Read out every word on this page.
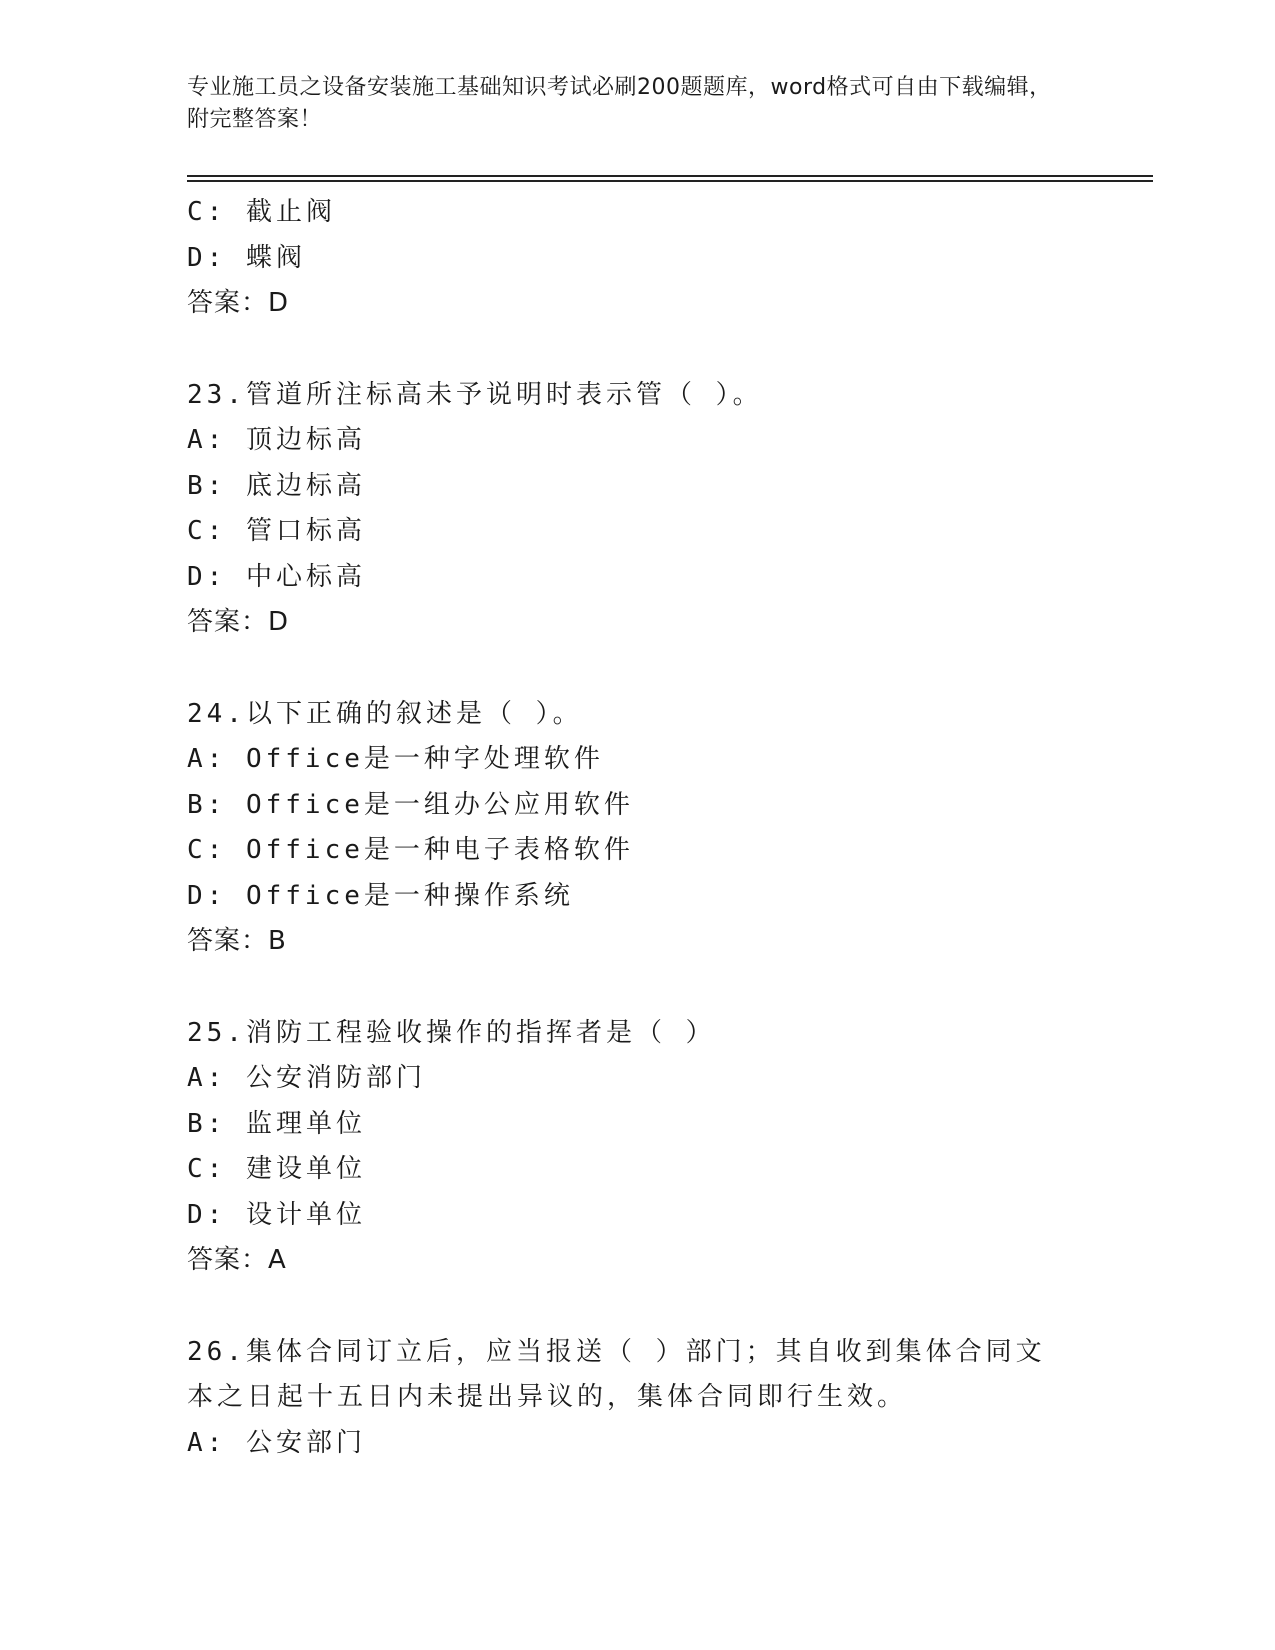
专业施工员之设备安装施工基础知识考试必刷200题题库，word格式可自由下载编辑，附完整答案！
C: 截止阀
D: 蝶阀
答案：D
23.管道所注标高未予说明时表示管（ ）。
A: 顶边标高
B: 底边标高
C: 管口标高
D: 中心标高
答案：D
24.以下正确的叙述是（ ）。
A: Office是一种字处理软件
B: Office是一组办公应用软件
C: Office是一种电子表格软件
D: Office是一种操作系统
答案：B
25.消防工程验收操作的指挥者是（ ）
A: 公安消防部门
B: 监理单位
C: 建设单位
D: 设计单位
答案：A
26.集体合同订立后，应当报送（ ）部门；其自收到集体合同文本之日起十五日内未提出异议的，集体合同即行生效。
A: 公安部门
